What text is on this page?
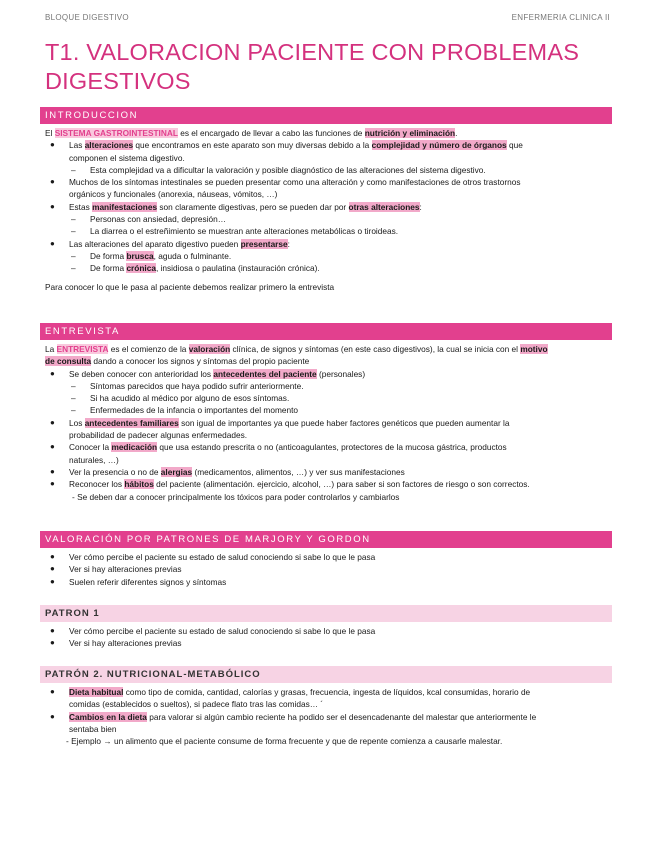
BLOQUE DIGESTIVO	ENFERMERIA CLINICA II
T1. VALORACION PACIENTE CON PROBLEMAS
DIGESTIVOS
INTRODUCCION
El SISTEMA GASTROINTESTINAL es el encargado de llevar a cabo las funciones de nutrición y eliminación.
● Las alteraciones que encontramos en este aparato son muy diversas debido a la complejidad y número de órganos que
componen el sistema digestivo.
– Esta complejidad va a dificultar la valoración y posible diagnóstico de las alteraciones del sistema digestivo.
● Muchos de los síntomas intestinales se pueden presentar como una alteración y como manifestaciones de otros trastornos
orgánicos y funcionales (anorexia, náuseas, vómitos, …)
● Estas manifestaciones son claramente digestivas, pero se pueden dar por otras alteraciones:
– Personas con ansiedad, depresión…
– La diarrea o el estreñimiento se muestran ante alteraciones metabólicas o tiroideas.
● Las alteraciones del aparato digestivo pueden presentarse:
– De forma brusca, aguda o fulminante.
– De forma crónica, insidiosa o paulatina (instauración crónica).
Para conocer lo que le pasa al paciente debemos realizar primero la entrevista
ENTREVISTA
La ENTREVISTA es el comienzo de la valoración clínica, de signos y síntomas (en este caso digestivos), la cual se inicia con el motivo
de consulta dando a conocer los signos y síntomas del propio paciente
● Se deben conocer con anterioridad los antecedentes del paciente (personales)
– Síntomas parecidos que haya podido sufrir anteriormente.
– Si ha acudido al médico por alguno de esos síntomas.
– Enfermedades de la infancia o importantes del momento
● Los antecedentes familiares son igual de importantes ya que puede haber factores genéticos que pueden aumentar la
probabilidad de padecer algunas enfermedades.
● Conocer la medicación que usa estando prescrita o no (anticoagulantes, protectores de la mucosa gástrica, productos
naturales, …)
● Ver la presencia o no de alergias (medicamentos, alimentos, …) y ver sus manifestaciones
● Reconocer los hábitos del paciente (alimentación. ejercicio, alcohol, …) para saber si son factores de riesgo o son correctos.
- Se deben dar a conocer principalmente los tóxicos para poder controlarlos y cambiarlos
VALORACIÓN POR PATRONES DE MARJORY Y GORDON
● Ver cómo percibe el paciente su estado de salud conociendo si sabe lo que le pasa
● Ver si hay alteraciones previas
● Suelen referir diferentes signos y síntomas
PATRON 1
● Ver cómo percibe el paciente su estado de salud conociendo si sabe lo que le pasa
● Ver si hay alteraciones previas
PATRÓN 2. NUTRICIONAL-METABÓLICO
● Dieta habitual como tipo de comida, cantidad, calorías y grasas, frecuencia, ingesta de líquidos, kcal consumidas, horario de
comidas (establecidos o sueltos), si padece flato tras las comidas… ´
● Cambios en la dieta para valorar si algún cambio reciente ha podido ser el desencadenante del malestar que anteriormente le
sentaba bien
- Ejemplo → un alimento que el paciente consume de forma frecuente y que de repente comienza a causarle malestar.
